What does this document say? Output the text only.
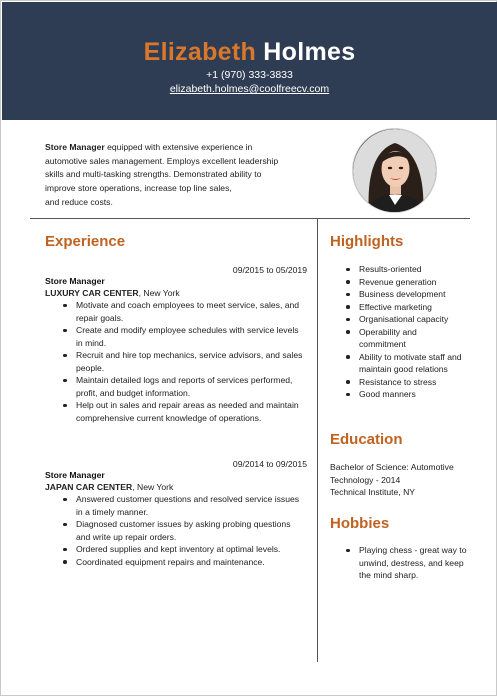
Elizabeth Holmes
+1 (970) 333-3833
elizabeth.holmes@coolfreecv.com
Store Manager equipped with extensive experience in
automotive sales management. Employs excellent leadership
skills and multi-tasking strengths. Demonstrated ability to
improve store operations, increase top line sales,
and reduce costs.
Experience
09/2015 to 05/2019
Store Manager
LUXURY CAR CENTER, New York
Motivate and coach employees to meet service, sales, and repair goals.
Create and modify employee schedules with service levels in mind.
Recruit and hire top mechanics, service advisors, and sales people.
Maintain detailed logs and reports of services performed, profit, and budget information.
Help out in sales and repair areas as needed and maintain comprehensive current knowledge of operations.
09/2014 to 09/2015
Store Manager
JAPAN CAR CENTER, New York
Answered customer questions and resolved service issues in a timely manner.
Diagnosed customer issues by asking probing questions and write up repair orders.
Ordered supplies and kept inventory at optimal levels.
Coordinated equipment repairs and maintenance.
Highlights
Results-oriented
Revenue generation
Business development
Effective marketing
Organisational capacity
Operability and commitment
Ability to motivate staff and maintain good relations
Resistance to stress
Good manners
Education
Bachelor of Science: Automotive Technology - 2014
Technical Institute, NY
Hobbies
Playing chess - great way to unwind, destress, and keep the mind sharp.
